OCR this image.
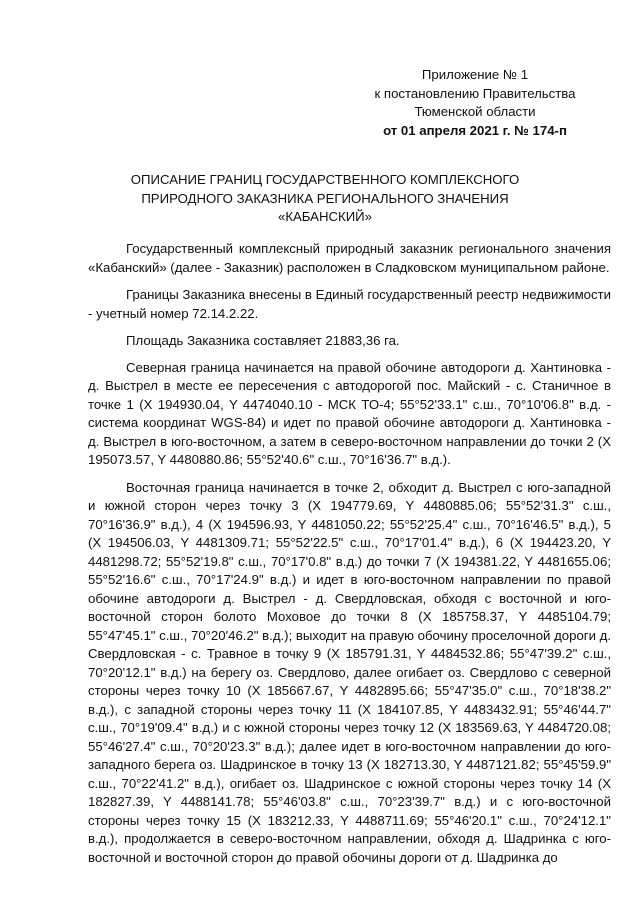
Приложение № 1
к постановлению Правительства
Тюменской области
от 01 апреля 2021 г. № 174-п
ОПИСАНИЕ ГРАНИЦ ГОСУДАРСТВЕННОГО КОМПЛЕКСНОГО
ПРИРОДНОГО ЗАКАЗНИКА РЕГИОНАЛЬНОГО ЗНАЧЕНИЯ
«КАБАНСКИЙ»

Государственный комплексный природный заказник регионального значения «Кабанский» (далее - Заказник) расположен в Сладковском муниципальном районе.

Границы Заказника внесены в Единый государственный реестр недвижимости - учетный номер 72.14.2.22.

Площадь Заказника составляет 21883,36 га.

Северная граница начинается на правой обочине автодороги д. Хантиновка - д. Выстрел в месте ее пересечения с автодорогой пос. Майский - с. Станичное в точке 1 (X 194930.04, Y 4474040.10 - МСК ТО-4; 55°52'33.1" с.ш., 70°10'06.8" в.д. - система координат WGS-84) и идет по правой обочине автодороги д. Хантиновка - д. Выстрел в юго-восточном, а затем в северо-восточном направлении до точки 2 (X 195073.57, Y 4480880.86; 55°52'40.6" с.ш., 70°16'36.7" в.д.).

Восточная граница начинается в точке 2, обходит д. Выстрел с юго-западной и южной сторон через точку 3 (X 194779.69, Y 4480885.06; 55°52'31.3" с.ш., 70°16'36.9" в.д.), 4 (X 194596.93, Y 4481050.22; 55°52'25.4" с.ш., 70°16'46.5" в.д.), 5 (X 194506.03, Y 4481309.71; 55°52'22.5" с.ш., 70°17'01.4" в.д.), 6 (X 194423.20, Y 4481298.72; 55°52'19.8" с.ш., 70°17'0.8" в.д.) до точки 7 (X 194381.22, Y 4481655.06; 55°52'16.6" с.ш., 70°17'24.9" в.д.) и идет в юго-восточном направлении по правой обочине автодороги д. Выстрел - д. Свердловская, обходя с восточной и юго-восточной сторон болото Моховое до точки 8 (X 185758.37, Y 4485104.79; 55°47'45.1" с.ш., 70°20'46.2" в.д.); выходит на правую обочину проселочной дороги д. Свердловская - с. Травное в точку 9 (X 185791.31, Y 4484532.86; 55°47'39.2" с.ш., 70°20'12.1" в.д.) на берегу оз. Свердлово, далее огибает оз. Свердлово с северной стороны через точку 10 (X 185667.67, Y 4482895.66; 55°47'35.0" с.ш., 70°18'38.2" в.д.), с западной стороны через точку 11 (X 184107.85, Y 4483432.91; 55°46'44.7" с.ш., 70°19'09.4" в.д.) и с южной стороны через точку 12 (X 183569.63, Y 4484720.08; 55°46'27.4" с.ш., 70°20'23.3" в.д.); далее идет в юго-восточном направлении до юго-западного берега оз. Шадринское в точку 13 (X 182713.30, Y 4487121.82; 55°45'59.9" с.ш., 70°22'41.2" в.д.), огибает оз. Шадринское с южной стороны через точку 14 (X 182827.39, Y 4488141.78; 55°46'03.8" с.ш., 70°23'39.7" в.д.) и с юго-восточной стороны через точку 15 (X 183212.33, Y 4488711.69; 55°46'20.1" с.ш., 70°24'12.1" в.д.), продолжается в северо-восточном направлении, обходя д. Шадринка с юго-восточной и восточной сторон до правой обочины дороги от д. Шадринка до
